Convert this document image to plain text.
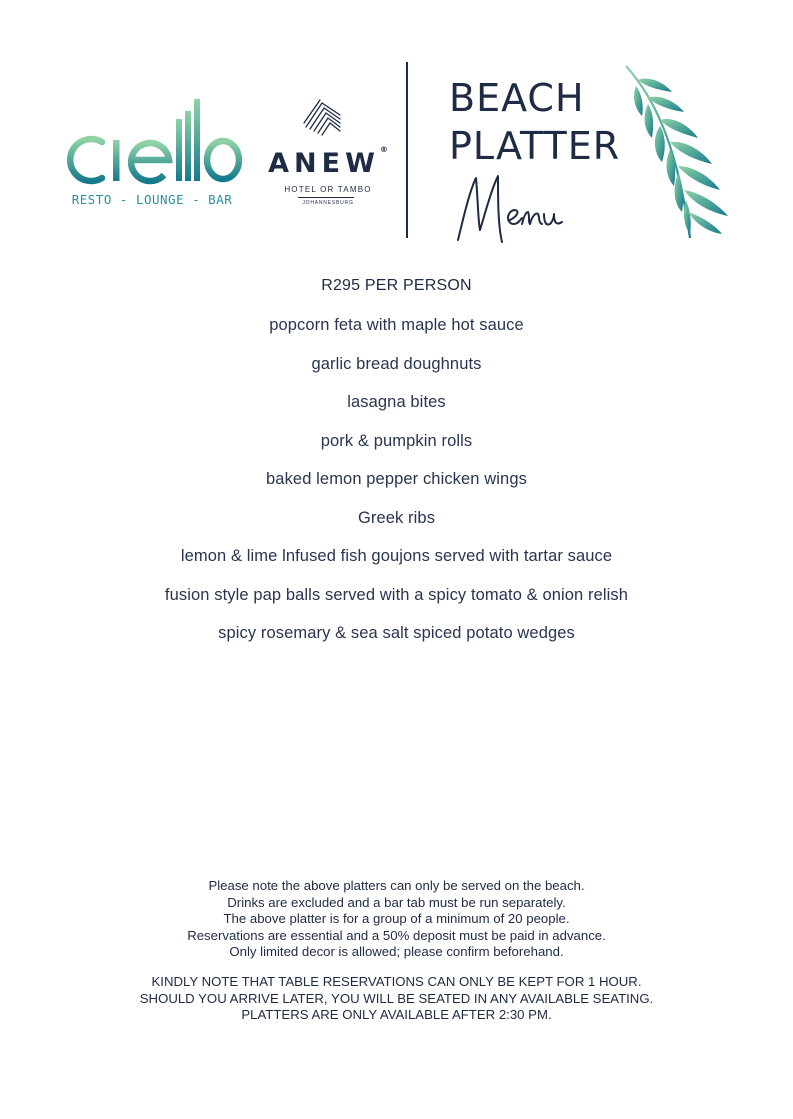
ciello
RESTO - LOUNGE - BAR
ANEW®
HOTEL OR TAMBO
JOHANNESBURG
BEACH
PLATTER
Menu
R295 PER PERSON
popcorn feta with maple hot sauce
garlic bread doughnuts
lasagna bites
pork & pumpkin rolls
baked lemon pepper chicken wings
Greek ribs
lemon & lime lnfused fish goujons served with tartar sauce
fusion style pap balls served with a spicy tomato & onion relish
spicy rosemary & sea salt spiced potato wedges
Please note the above platters can only be served on the beach.
Drinks are excluded and a bar tab must be run separately.
The above platter is for a group of a minimum of 20 people.
Reservations are essential and a 50% deposit must be paid in advance.
Only limited decor is allowed; please confirm beforehand.
KINDLY NOTE THAT TABLE RESERVATIONS CAN ONLY BE KEPT FOR 1 HOUR.
SHOULD YOU ARRIVE LATER, YOU WILL BE SEATED IN ANY AVAILABLE SEATING.
PLATTERS ARE ONLY AVAILABLE AFTER 2:30 PM.
